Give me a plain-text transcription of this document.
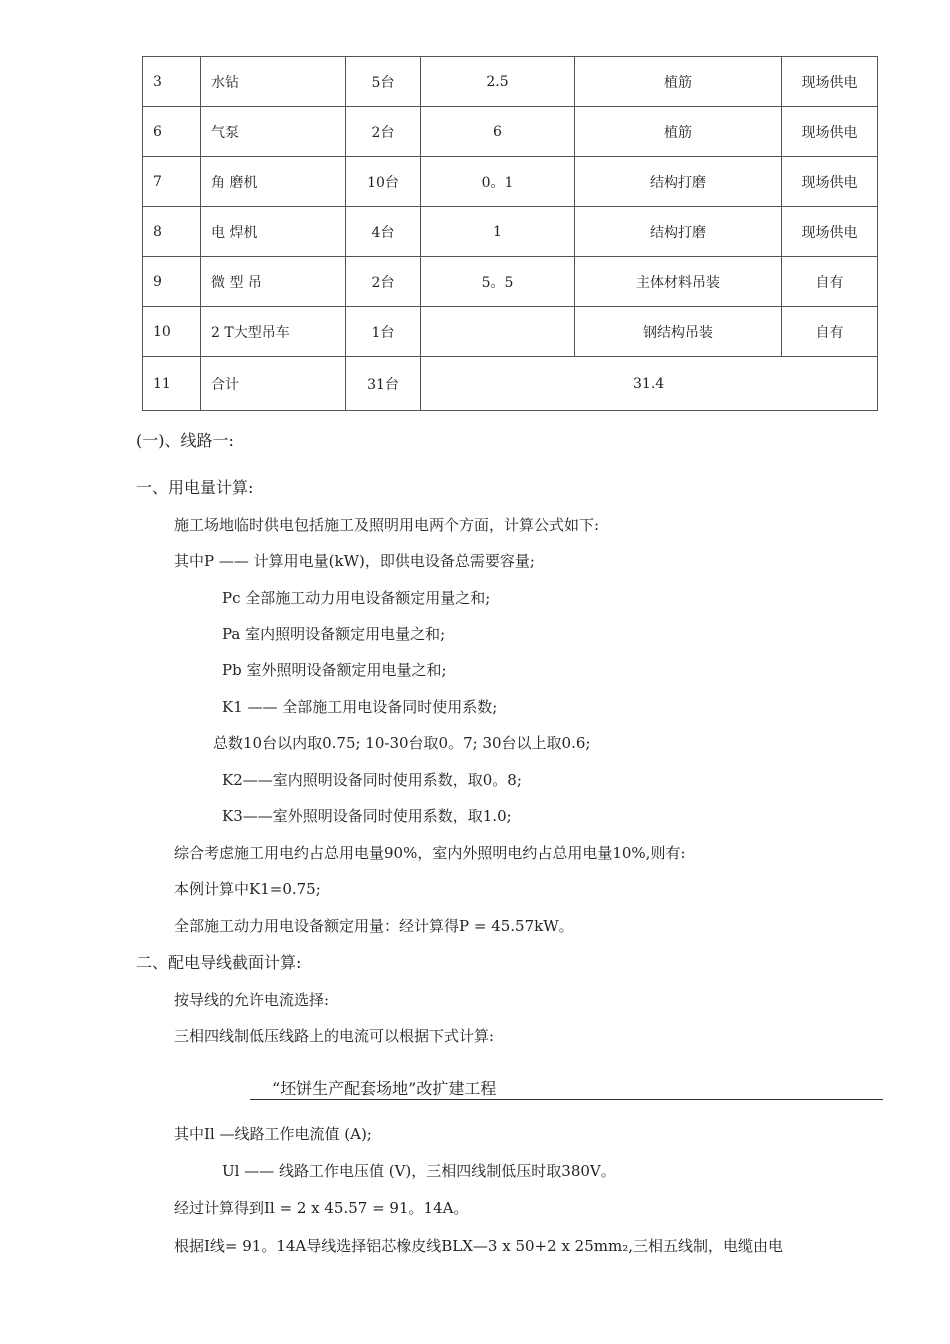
3	水钻	5台	2.5	植筋	现场供电
6	气泵	2台	6	植筋	现场供电
7	角 磨机	10台	0。1	结构打磨	现场供电
8	电 焊机	4台	1	结构打磨	现场供电
9	微 型 吊	2台	5。5	主体材料吊装	自有
10	2 T大型吊车	1台		钢结构吊装	自有
11	合计	31台	31.4		
(一)、线路一:
一、用电量计算:
施工场地临时供电包括施工及照明用电两个方面，计算公式如下:
其中P —— 计算用电量(kW)，即供电设备总需要容量;
Pc 全部施工动力用电设备额定用量之和;
Pa 室内照明设备额定用电量之和;
Pb 室外照明设备额定用电量之和;
K1 —— 全部施工用电设备同时使用系数;
总数10台以内取0.75; 10-30台取0。7; 30台以上取0.6;
K2——室内照明设备同时使用系数，取0。8;
K3——室外照明设备同时使用系数，取1.0;
综合考虑施工用电约占总用电量90%，室内外照明电约占总用电量10%,则有:
本例计算中K1=0.75;
全部施工动力用电设备额定用量：经计算得P = 45.57kW。
二、配电导线截面计算:
按导线的允许电流选择:
三相四线制低压线路上的电流可以根据下式计算:
“坯饼生产配套场地”改扩建工程
其中Il —线路工作电流值 (A);
Ul —— 线路工作电压值 (V)，三相四线制低压时取380V。
经过计算得到Il = 2 x 45.57 = 91。14A。
根据I线= 91。14A导线选择铝芯橡皮线BLX—3 x 50+2 x 25mm₂,三相五线制，电缆由电
